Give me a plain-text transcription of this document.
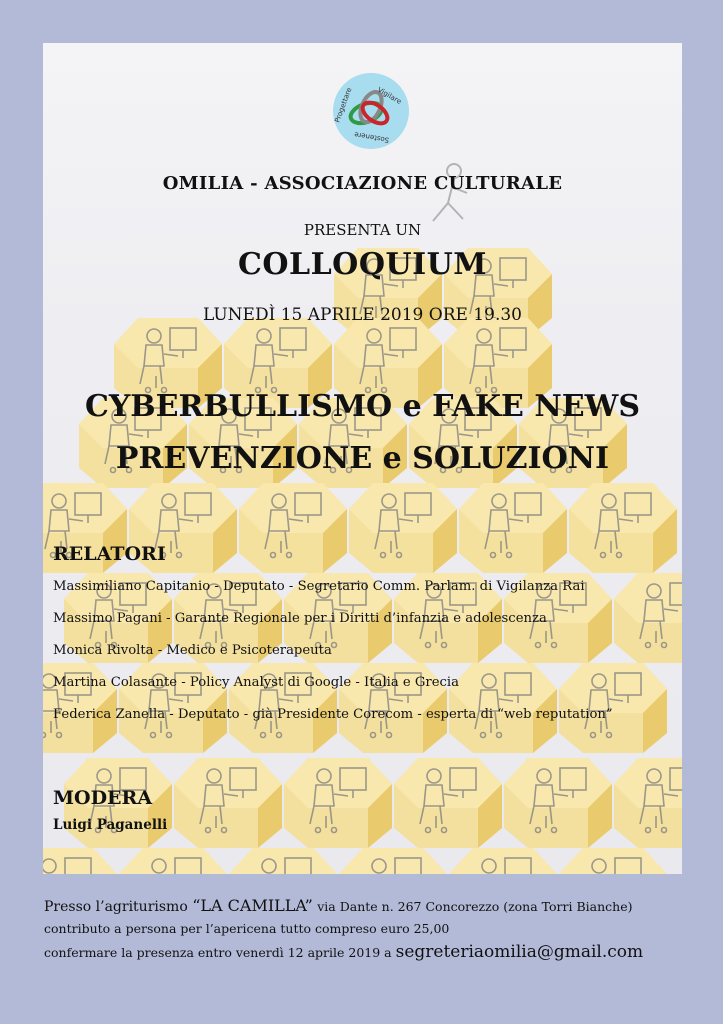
Vigilare
Progettare
Sostenere
OMILIA - ASSOCIAZIONE CULTURALE
PRESENTA UN
COLLOQUIUM
LUNEDÌ 15 APRILE 2019 ORE 19.30
CYBERBULLISMO e FAKE NEWS
PREVENZIONE e SOLUZIONI
RELATORI
Massimiliano Capitanio - Deputato - Segretario Comm. Parlam. di Vigilanza Rai
Massimo Pagani - Garante Regionale per i Diritti d’infanzia e adolescenza
Monica Rivolta - Medico e Psicoterapeuta
Martina Colasante - Policy Analyst di Google - Italia e Grecia
Federica Zanella - Deputato - già Presidente Corecom - esperta di “web reputation”
MODERA
Luigi Paganelli
Presso l’agriturismo “LA CAMILLA” via Dante n. 267 Concorezzo (zona Torri Bianche)
contributo a persona per l’apericena tutto compreso euro 25,00
confermare la presenza entro venerdì 12 aprile 2019 a segreteriaomilia@gmail.com
